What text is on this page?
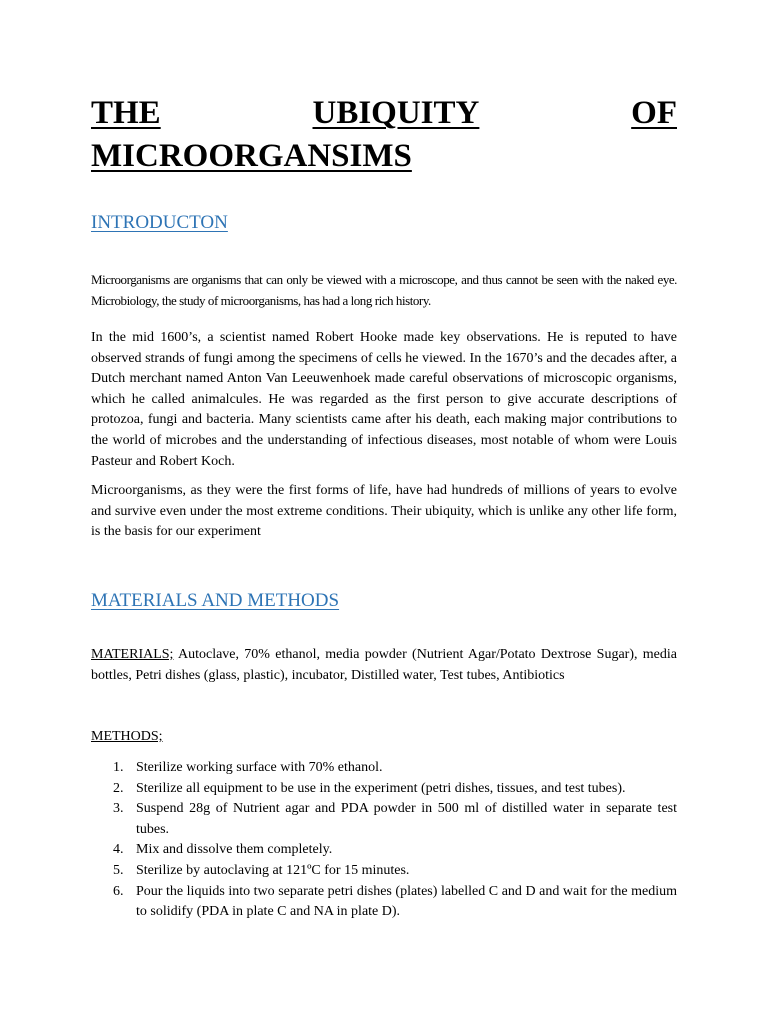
THE	UBIQUITY	OF
MICROORGANSIMS
INTRODUCTON

Microorganisms are organisms that can only be viewed with a microscope, and thus cannot be seen with the naked eye. Microbiology, the study of microorganisms, has had a long rich history.

In the mid 1600’s, a scientist named Robert Hooke made key observations. He is reputed to have observed strands of fungi among the specimens of cells he viewed. In the 1670’s and the decades after, a Dutch merchant named Anton Van Leeuwenhoek made careful observations of microscopic organisms, which he called animalcules. He was regarded as the first person to give accurate descriptions of protozoa, fungi and bacteria. Many scientists came after his death, each making major contributions to the world of microbes and the understanding of infectious diseases, most notable of whom were Louis Pasteur and Robert Koch.

Microorganisms, as they were the first forms of life, have had hundreds of millions of years to evolve and survive even under the most extreme conditions. Their ubiquity, which is unlike any other life form, is the basis for our experiment

MATERIALS AND METHODS

MATERIALS; Autoclave, 70% ethanol, media powder (Nutrient Agar/Potato Dextrose Sugar), media bottles, Petri dishes (glass, plastic), incubator, Distilled water, Test tubes, Antibiotics

METHODS;

1. Sterilize working surface with 70% ethanol.
2. Sterilize all equipment to be use in the experiment (petri dishes, tissues, and test tubes).
3. Suspend 28g of Nutrient agar and PDA powder in 500 ml of distilled water in separate test tubes.
4. Mix and dissolve them completely.
5. Sterilize by autoclaving at 121ºC for 15 minutes.
6. Pour the liquids into two separate petri dishes (plates) labelled C and D and wait for the medium to solidify (PDA in plate C and NA in plate D).
